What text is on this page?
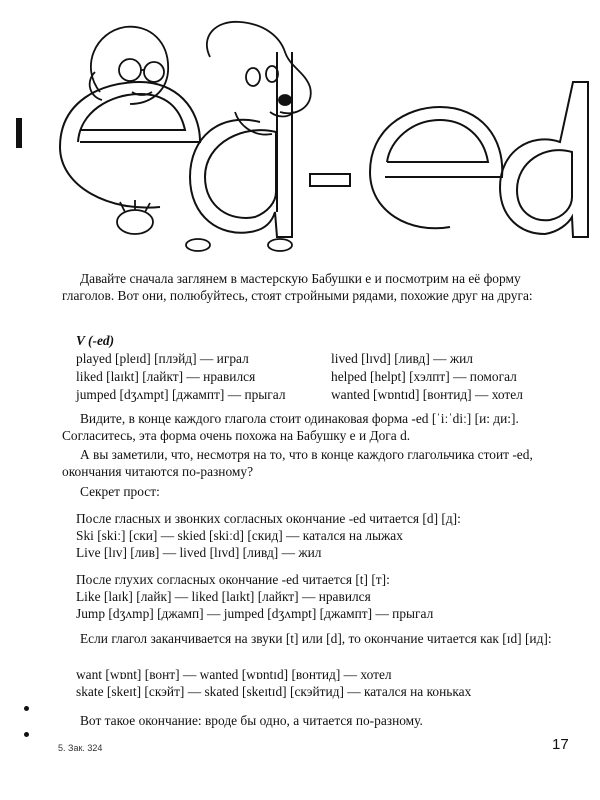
Давайте сначала заглянем в мастерскую Бабушки e и посмотрим на её форму глаголов. Вот они, полюбуйтесь, стоят стройными рядами, похожие друг на друга:

V (-ed)
played [pleɪd] [плэйд] — играл	lived [lɪvd] [ливд] — жил
liked [laɪkt] [лайкт] — нравился	helped [helpt] [хэлпт] — помогал
jumped [dʒʌmpt] [джампт] — прыгал	wanted [wɒntɪd] [вонтид] — хотел

Видите, в конце каждого глагола стоит одинаковая форма -ed [ˈiːˈdiː] [и: ди:]. Согласитесь, эта форма очень похожа на Бабушку e и Дога d.

А вы заметили, что, несмотря на то, что в конце каждого глагольчика стоит -ed, окончания читаются по-разному?

Секрет прост:

После гласных и звонких согласных окончание -ed читается [d] [д]:
Ski [skiː] [ски] — skied [skiːd] [скид] — катался на лыжах
Live [lɪv] [лив] — lived [lɪvd] [ливд] — жил
После глухих согласных окончание -ed читается [t] [т]:
Like [laɪk] [лайк] — liked [laɪkt] [лайкт] — нравился
Jump [dʒʌmp] [джамп] — jumped [dʒʌmpt] [джампт] — прыгал

Если глагол заканчивается на звуки [t] или [d], то окончание читается как [ɪd] [ид]:

want [wɒnt] [вонт] — wanted [wɒntɪd] [вонтид] — хотел
skate [skeɪt] [скэйт] — skated [skeɪtɪd] [скэйтид] — катался на коньках

Вот такое окончание: вроде бы одно, а читается по-разному.

5. Зак. 324	17
